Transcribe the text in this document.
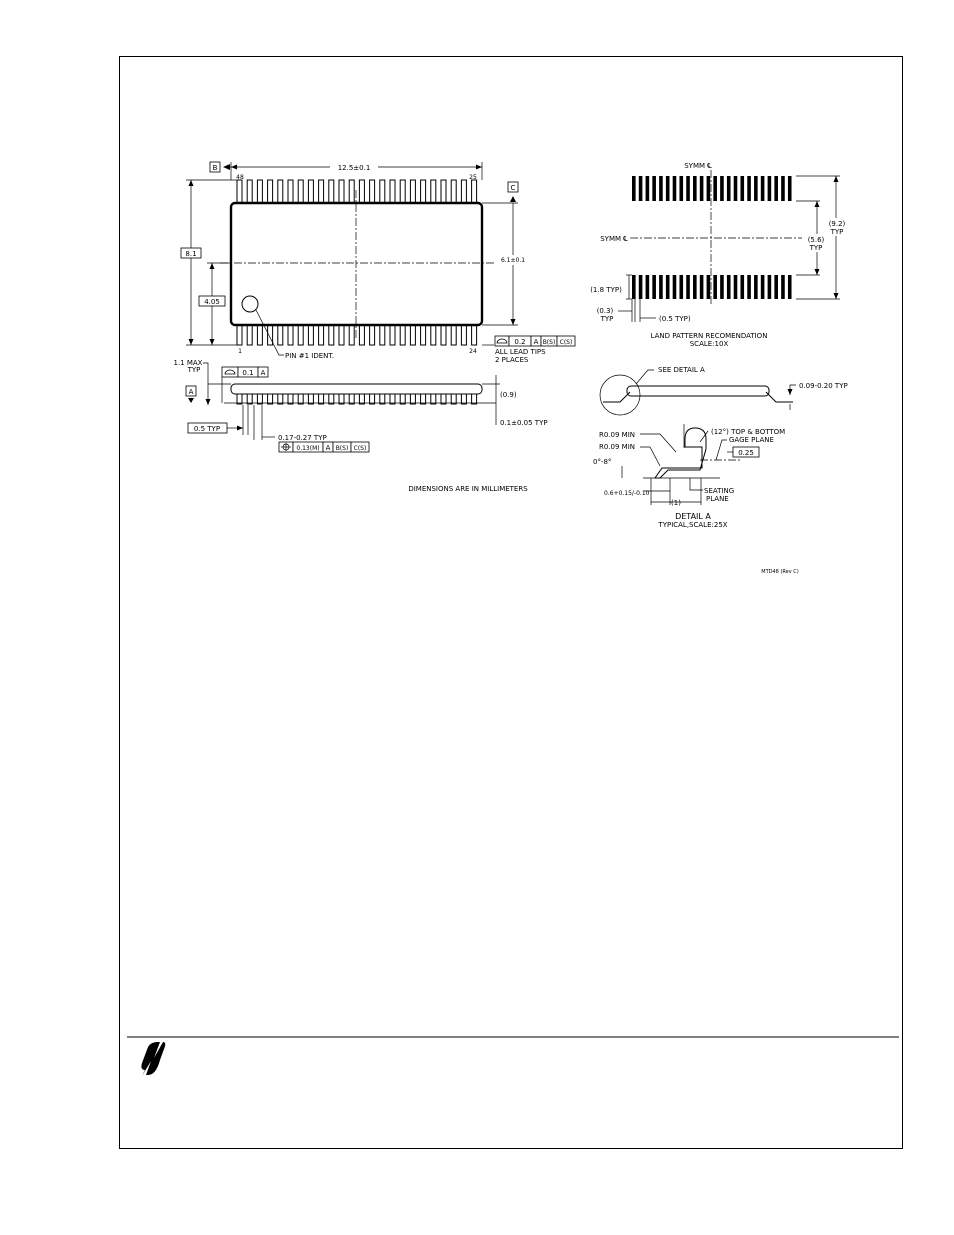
B	12.5±0.1
48	25
1	24
C
6.1±0.1
8.1
4.05
PIN #1 IDENT.
0.2 A B(S) C(S)
ALL LEAD TIPS
2 PLACES
1.1 MAX
TYP	0.1 A
A	(0.9)
0.1±0.05 TYP
0.5 TYP
0.17-0.27 TYP
0.13(M) A B(S) C(S)
DIMENSIONS ARE IN MILLIMETERS
SYMM ℄
SYMM ℄
(9.2)
TYP
(5.6)
TYP
(1.8 TYP)
(0.3)
TYP	(0.5 TYP)
LAND PATTERN RECOMENDATION
SCALE:10X
SEE DETAIL A
0.09-0.20 TYP
(12°) TOP & BOTTOM
R0.09 MIN
R0.09 MIN
GAGE PLANE
0.25
0°-8°
0.6+0.15/-0.10
(1)
SEATING
PLANE
DETAIL A
TYPICAL,SCALE:25X
MTD48 (Rev C)
